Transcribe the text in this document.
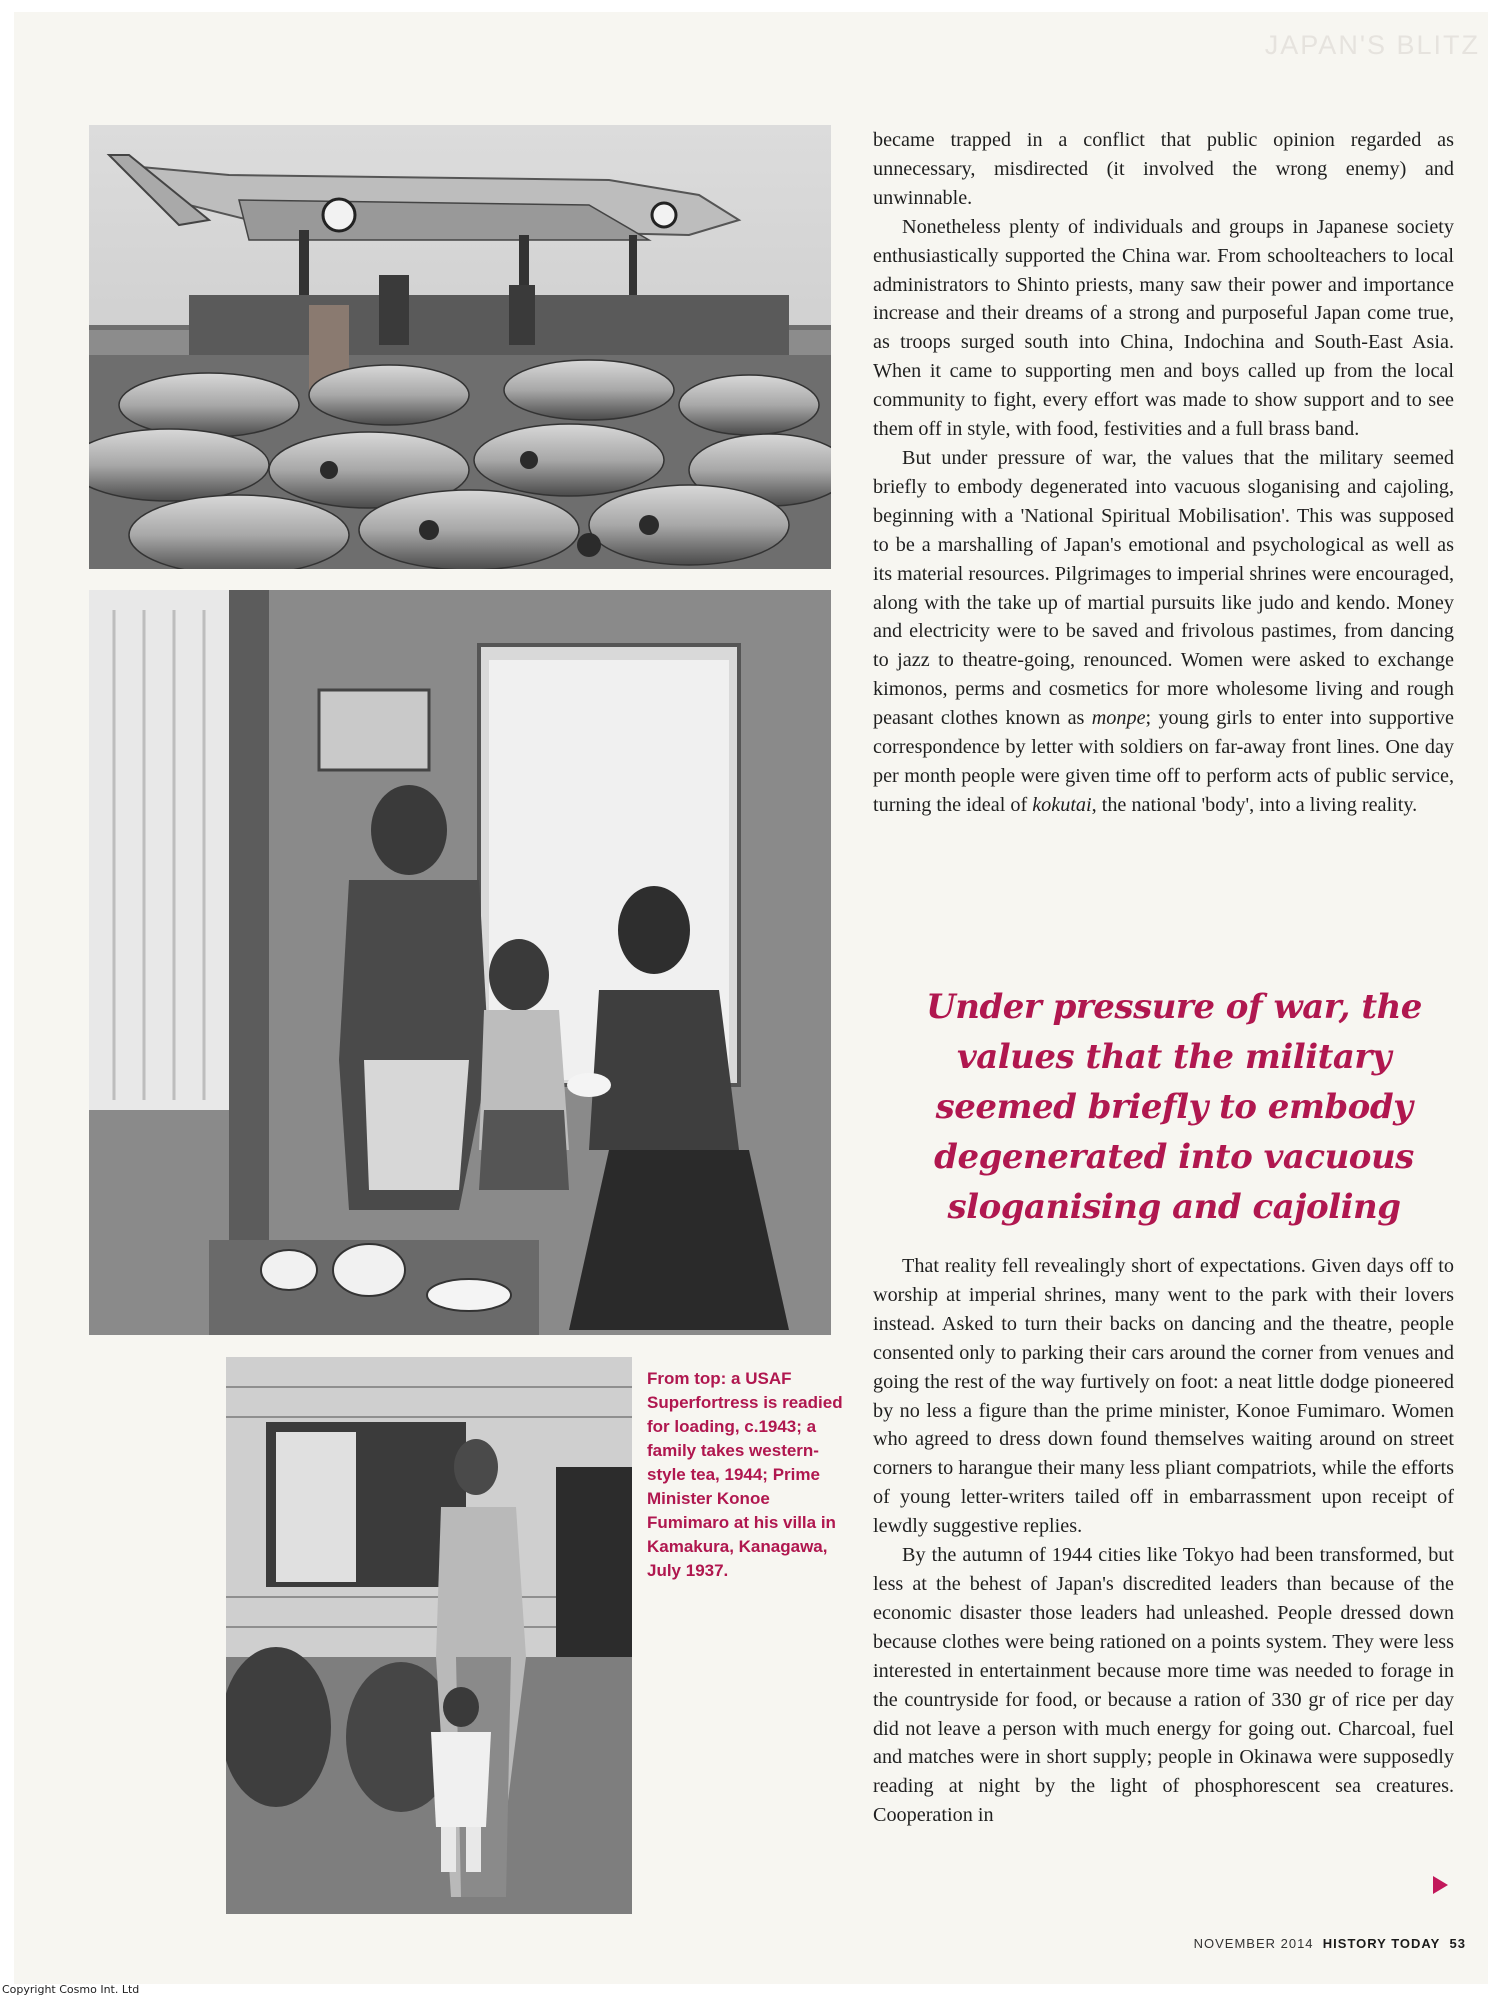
JAPAN'S BLITZ
From top: a USAF Superfortress is readied for loading, c.1943; a family takes western-style tea, 1944; Prime Minister Konoe Fumimaro at his villa in Kamakura, Kanagawa, July 1937.

became trapped in a conflict that public opinion regarded as unnecessary, misdirected (it involved the wrong enemy) and unwinnable.

Nonetheless plenty of individuals and groups in Japanese society enthusiastically supported the China war. From schoolteachers to local administrators to Shinto priests, many saw their power and importance increase and their dreams of a strong and purposeful Japan come true, as troops surged south into China, Indochina and South-East Asia. When it came to supporting men and boys called up from the local community to fight, every effort was made to show support and to see them off in style, with food, festivities and a full brass band.

But under pressure of war, the values that the military seemed briefly to embody degenerated into vacuous sloganising and cajoling, beginning with a 'National Spiritual Mobilisation'. This was supposed to be a marshalling of Japan's emotional and psychological as well as its material resources. Pilgrimages to imperial shrines were encouraged, along with the take up of martial pursuits like judo and kendo. Money and electricity were to be saved and frivolous pastimes, from dancing to jazz to theatre-going, renounced. Women were asked to exchange kimonos, perms and cosmetics for more wholesome living and rough peasant clothes known as monpe; young girls to enter into supportive correspondence by letter with soldiers on far-away front lines. One day per month people were given time off to perform acts of public service, turning the ideal of kokutai, the national 'body', into a living reality.

Under pressure of war, the values that the military seemed briefly to embody degenerated into vacuous sloganising and cajoling

That reality fell revealingly short of expectations. Given days off to worship at imperial shrines, many went to the park with their lovers instead. Asked to turn their backs on dancing and the theatre, people consented only to parking their cars around the corner from venues and going the rest of the way furtively on foot: a neat little dodge pioneered by no less a figure than the prime minister, Konoe Fumimaro. Women who agreed to dress down found themselves waiting around on street corners to harangue their many less pliant compatriots, while the efforts of young letter-writers tailed off in embarrassment upon receipt of lewdly suggestive replies.

By the autumn of 1944 cities like Tokyo had been transformed, but less at the behest of Japan's discredited leaders than because of the economic disaster those leaders had unleashed. People dressed down because clothes were being rationed on a points system. They were less interested in entertainment because more time was needed to forage in the countryside for food, or because a ration of 330 gr of rice per day did not leave a person with much energy for going out. Charcoal, fuel and matches were in short supply; people in Okinawa were supposedly reading at night by the light of phosphorescent sea creatures. Cooperation in

NOVEMBER 2014 HISTORY TODAY 53
Copyright Cosmo Int. Ltd
